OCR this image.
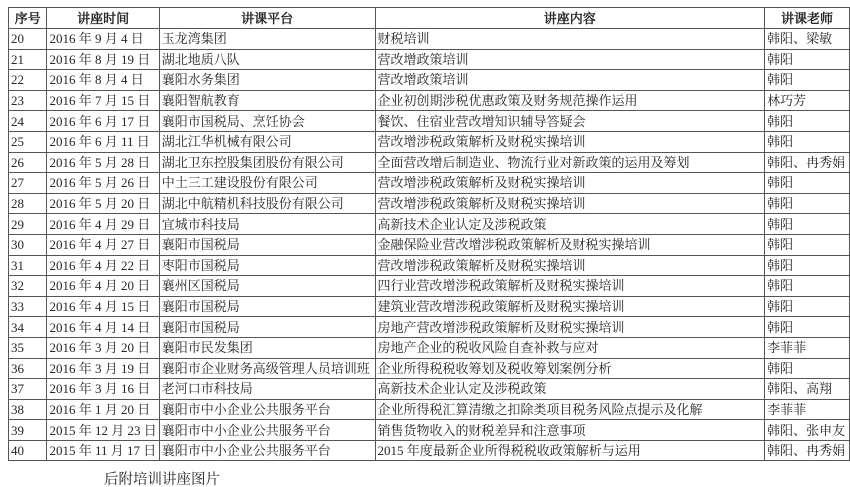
序号	讲座时间	讲课平台	讲座内容	讲课老师
20	2016 年 9 月 4 日	玉龙湾集团	财税培训	韩阳、梁敏
21	2016 年 8 月 19 日	湖北地质八队	营改增政策培训	韩阳
22	2016 年 8 月 4 日	襄阳水务集团	营改增政策培训	韩阳
23	2016 年 7 月 15 日	襄阳智航教育	企业初创期涉税优惠政策及财务规范操作运用	林巧芳
24	2016 年 6 月 17 日	襄阳市国税局、烹饪协会	餐饮、住宿业营改增知识辅导答疑会	韩阳
25	2016 年 6 月 11 日	湖北江华机械有限公司	营改增涉税政策解析及财税实操培训	韩阳
26	2016 年 5 月 28 日	湖北卫东控股集团股份有限公司	全面营改增后制造业、物流行业对新政策的运用及筹划	韩阳、冉秀娟
27	2016 年 5 月 26 日	中土三工建设股份有限公司	营改增涉税政策解析及财税实操培训	韩阳
28	2016 年 5 月 20 日	湖北中航精机科技股份有限公司	营改增涉税政策解析及财税实操培训	韩阳
29	2016 年 4 月 29 日	宜城市科技局	高新技术企业认定及涉税政策	韩阳
30	2016 年 4 月 27 日	襄阳市国税局	金融保险业营改增涉税政策解析及财税实操培训	韩阳
31	2016 年 4 月 22 日	枣阳市国税局	营改增涉税政策解析及财税实操培训	韩阳
32	2016 年 4 月 20 日	襄州区国税局	四行业营改增涉税政策解析及财税实操培训	韩阳
33	2016 年 4 月 15 日	襄阳市国税局	建筑业营改增涉税政策解析及财税实操培训	韩阳
34	2016 年 4 月 14 日	襄阳市国税局	房地产营改增涉税政策解析及财税实操培训	韩阳
35	2016 年 3 月 20 日	襄阳市民发集团	房地产企业的税收风险自查补救与应对	李菲菲
36	2016 年 3 月 19 日	襄阳市企业财务高级管理人员培训班	企业所得税税收筹划及税收筹划案例分析	韩阳
37	2016 年 3 月 16 日	老河口市科技局	高新技术企业认定及涉税政策	韩阳、高翔
38	2016 年 1 月 20 日	襄阳市中小企业公共服务平台	企业所得税汇算清缴之扣除类项目税务风险点提示及化解	李菲菲
39	2015 年 12 月 23 日	襄阳市中小企业公共服务平台	销售货物收入的财税差异和注意事项	韩阳、张申友
40	2015 年 11 月 17 日	襄阳市中小企业公共服务平台	2015 年度最新企业所得税税收政策解析与运用	韩阳、冉秀娟
后附培训讲座图片
